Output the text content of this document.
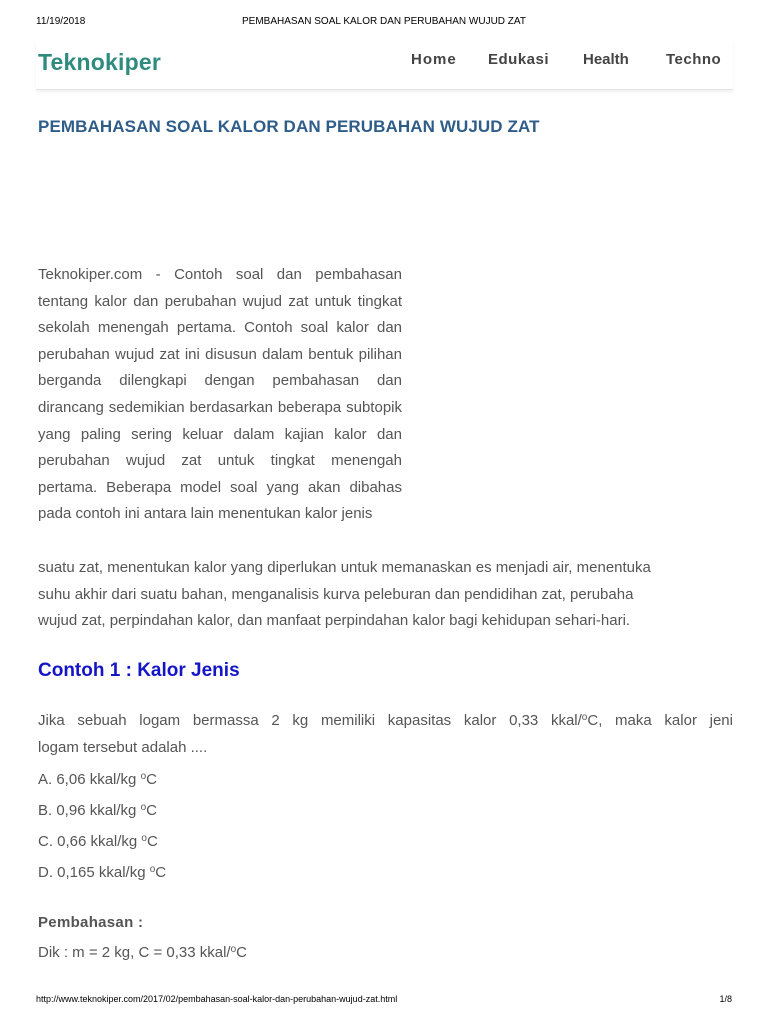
11/19/2018	PEMBAHASAN SOAL KALOR DAN PERUBAHAN WUJUD ZAT
Teknokiper	Home Edukasi Health Techno
PEMBAHASAN SOAL KALOR DAN PERUBAHAN WUJUD ZAT

Teknokiper.com - Contoh soal dan pembahasan tentang kalor dan perubahan wujud zat untuk tingkat sekolah menengah pertama. Contoh soal kalor dan perubahan wujud zat ini disusun dalam bentuk pilihan berganda dilengkapi dengan pembahasan dan dirancang sedemikian berdasarkan beberapa subtopik yang paling sering keluar dalam kajian kalor dan perubahan wujud zat untuk tingkat menengah pertama. Beberapa model soal yang akan dibahas pada contoh ini antara lain menentukan kalor jenis

suatu zat, menentukan kalor yang diperlukan untuk memanaskan es menjadi air, menentuka
suhu akhir dari suatu bahan, menganalisis kurva peleburan dan pendidihan zat, perubaha
wujud zat, perpindahan kalor, dan manfaat perpindahan kalor bagi kehidupan sehari-hari.
Contoh 1 : Kalor Jenis
Jika sebuah logam bermassa 2 kg memiliki kapasitas kalor 0,33 kkal/$^o$C, maka kalor jeni
logam tersebut adalah ....
A. 6,06 kkal/kg $^o$C
B. 0,96 kkal/kg $^o$C
C. 0,66 kkal/kg $^o$C
D. 0,165 kkal/kg $^o$C
Pembahasan :
Dik : m = 2 kg, C = 0,33 kkal/$^o$C
http://www.teknokiper.com/2017/02/pembahasan-soal-kalor-dan-perubahan-wujud-zat.html	1/8
